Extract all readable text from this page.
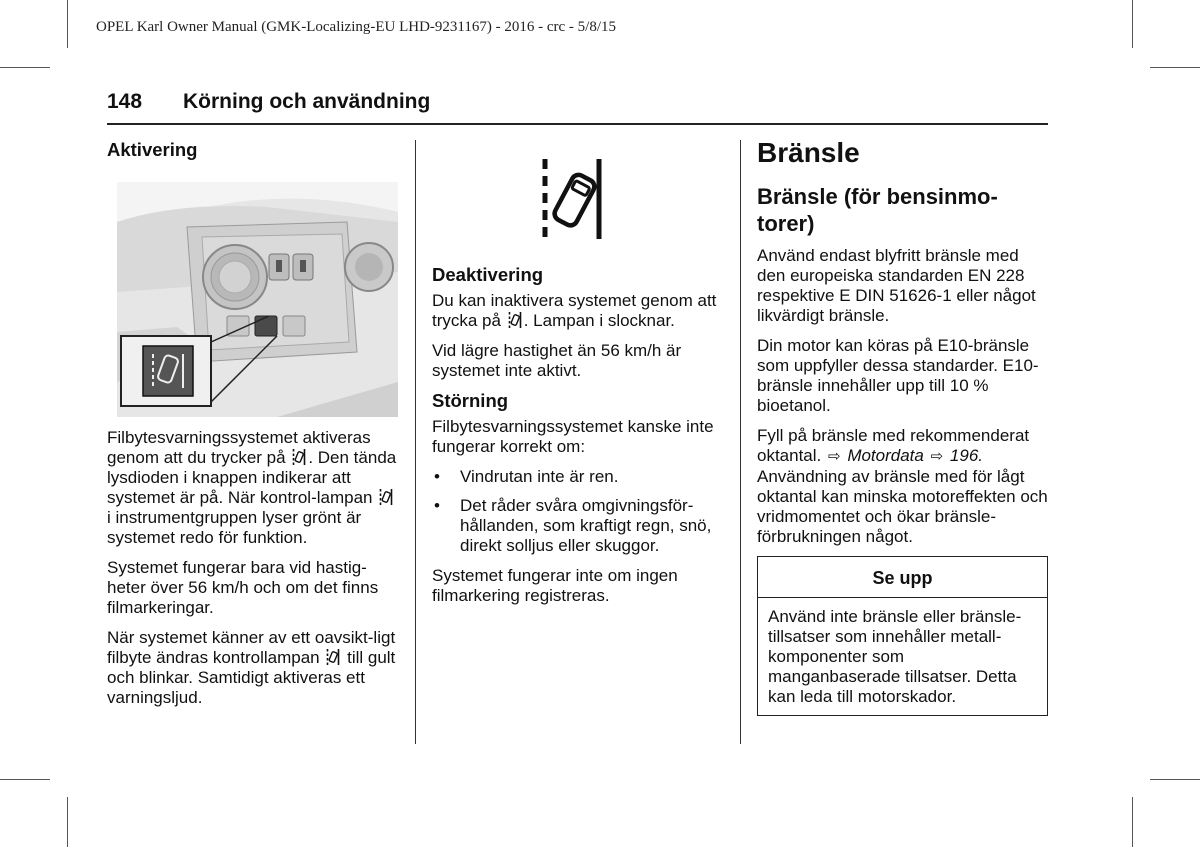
OPEL Karl Owner Manual (GMK-Localizing-EU LHD-9231167) - 2016 - crc - 5/8/15
148 Körning och användning
Aktivering

Filbytesvarningssystemet aktiveras genom att du trycker på . Den tända lysdioden i knappen indikerar att systemet är på. När kontrol-lampan  i instrumentgruppen lyser grönt är systemet redo för funktion.

Systemet fungerar bara vid hastig-heter över 56 km/h och om det finns filmarkeringar.

När systemet känner av ett oavsikt-ligt filbyte ändras kontrollampan till gult och blinkar. Samtidigt aktiveras ett varningsljud.

Deaktivering

Du kan inaktivera systemet genom att trycka på . Lampan i slocknar.

Vid lägre hastighet än 56 km/h är systemet inte aktivt.

Störning

Filbytesvarningssystemet kanske inte fungerar korrekt om:

• Vindrutan inte är ren.
• Det råder svåra omgivningsför-hållanden, som kraftigt regn, snö, direkt solljus eller skuggor.

Systemet fungerar inte om ingen filmarkering registreras.

Bränsle
Bränsle (för bensinmo-torer)

Använd endast blyfritt bränsle med den europeiska standarden EN 228 respektive E DIN 51626-1 eller något likvärdigt bränsle.

Din motor kan köras på E10-bränsle som uppfyller dessa standarder. E10-bränsle innehåller upp till 10 % bioetanol.

Fyll på bränsle med rekommenderat oktantal. ⇨ Motordata ⇨ 196. Användning av bränsle med för lågt oktantal kan minska motoreffekten och vridmomentet och ökar bränsle-förbrukningen något.

Se upp
Använd inte bränsle eller bränsle-tillsatser som innehåller metall-komponenter som manganbaserade tillsatser. Detta kan leda till motorskador.
